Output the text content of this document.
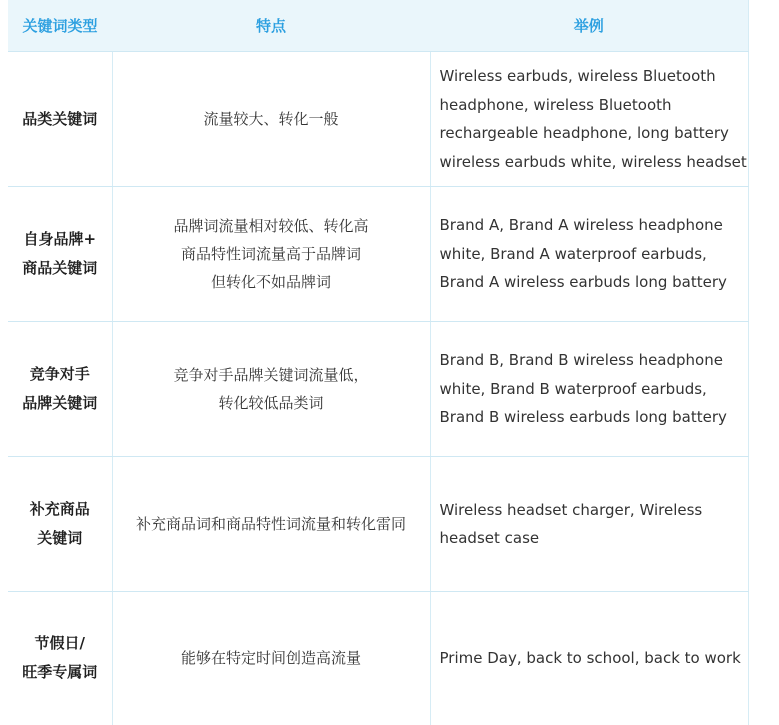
关键词类型	特点	举例

品类关键词	流量较大、转化一般	Wireless earbuds, wireless Bluetooth
headphone, wireless Bluetooth
rechargeable headphone, long battery
wireless earbuds white, wireless headset

自身品牌+
商品关键词	品牌词流量相对较低、转化高
商品特性词流量高于品牌词
但转化不如品牌词	Brand A, Brand A wireless headphone
white, Brand A waterproof earbuds,
Brand A wireless earbuds long battery

竞争对手
品牌关键词	竞争对手品牌关键词流量低，
转化较低品类词	Brand B, Brand B wireless headphone
white, Brand B waterproof earbuds,
Brand B wireless earbuds long battery

补充商品
关键词	补充商品词和商品特性词流量和转化雷同	Wireless headset charger, Wireless
headset case

节假日/
旺季专属词	能够在特定时间创造高流量	Prime Day, back to school, back to work
